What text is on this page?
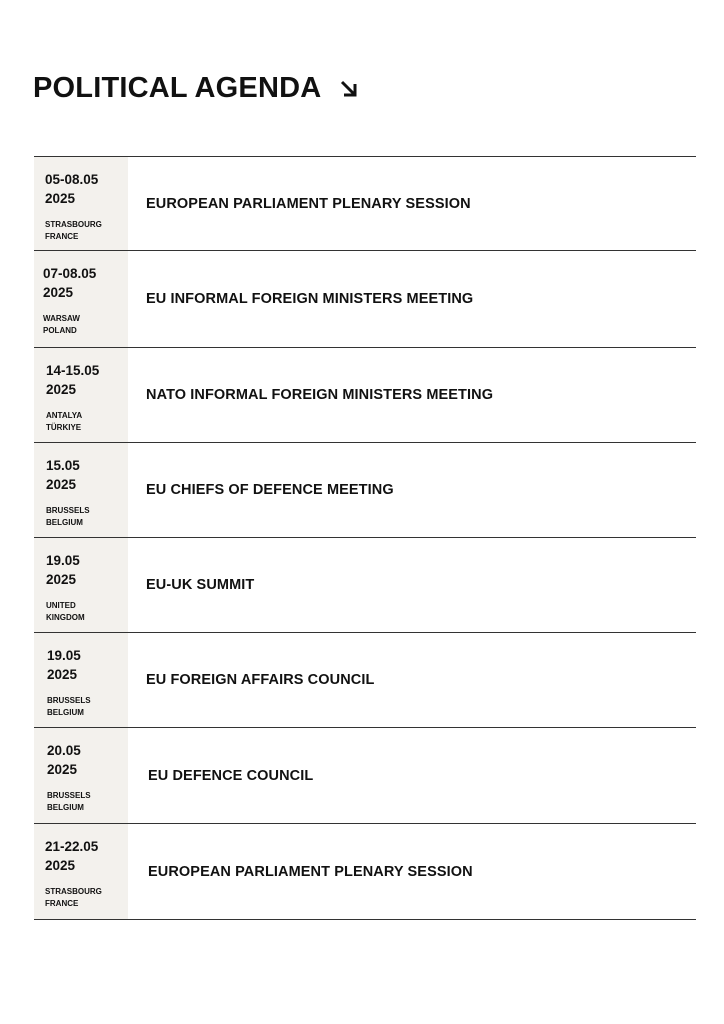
POLITICAL AGENDA
05-08.05
2025
STRASBOURG
FRANCE
EUROPEAN PARLIAMENT PLENARY SESSION
07-08.05
2025
WARSAW
POLAND
EU INFORMAL FOREIGN MINISTERS MEETING
14-15.05
2025
ANTALYA
TÜRKIYE
NATO INFORMAL FOREIGN MINISTERS MEETING
15.05
2025
BRUSSELS
BELGIUM
EU CHIEFS OF DEFENCE MEETING
19.05
2025
UNITED
KINGDOM
EU-UK SUMMIT
19.05
2025
BRUSSELS
BELGIUM
EU FOREIGN AFFAIRS COUNCIL
20.05
2025
BRUSSELS
BELGIUM
EU DEFENCE COUNCIL
21-22.05
2025
STRASBOURG
FRANCE
EUROPEAN PARLIAMENT PLENARY SESSION
